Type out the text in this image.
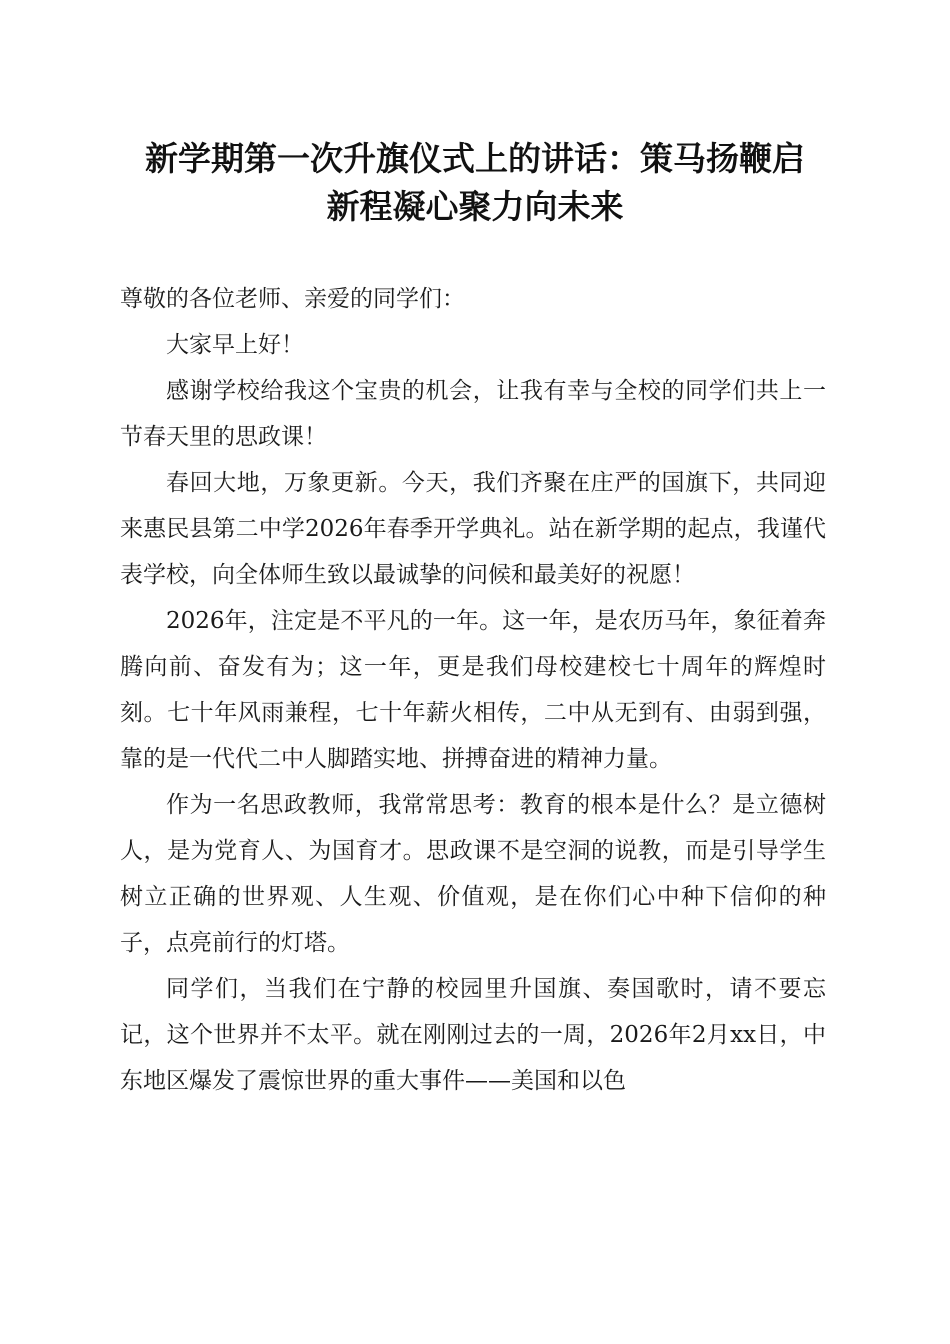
新学期第一次升旗仪式上的讲话：策马扬鞭启
新程凝心聚力向未来

尊敬的各位老师、亲爱的同学们：

大家早上好！

感谢学校给我这个宝贵的机会，让我有幸与全校的同学们共上一节春天里的思政课！

春回大地，万象更新。今天，我们齐聚在庄严的国旗下，共同迎来惠民县第二中学2026年春季开学典礼。站在新学期的起点，我谨代表学校，向全体师生致以最诚挚的问候和最美好的祝愿！

2026年，注定是不平凡的一年。这一年，是农历马年，象征着奔腾向前、奋发有为；这一年，更是我们母校建校七十周年的辉煌时刻。七十年风雨兼程，七十年薪火相传，二中从无到有、由弱到强，靠的是一代代二中人脚踏实地、拼搏奋进的精神力量。

作为一名思政教师，我常常思考：教育的根本是什么？是立德树人，是为党育人、为国育才。思政课不是空洞的说教，而是引导学生树立正确的世界观、人生观、价值观，是在你们心中种下信仰的种子，点亮前行的灯塔。

同学们，当我们在宁静的校园里升国旗、奏国歌时，请不要忘记，这个世界并不太平。就在刚刚过去的一周，2026年2月xx日，中东地区爆发了震惊世界的重大事件——美国和以色
